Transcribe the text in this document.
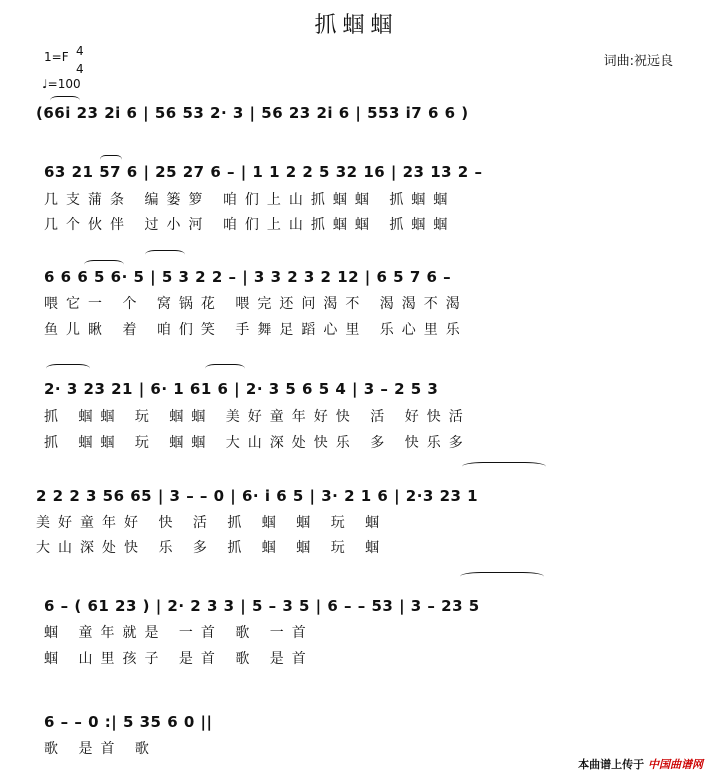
抓蝈蝈
1=F 4
4
♩=100
词曲:祝远良
(66i 23 2i 6 | 56 53 2· 3 | 56 23 2i 6 | 553 i7 6 6 )
63 21 57 6 | 25 27 6 – | 1 1 2 2 5 32 16 | 23 13 2 –
几支蒲条 编篓箩 咱们上山抓蝈蝈 抓蝈蝈
几个伙伴 过小河 咱们上山抓蝈蝈 抓蝈蝈
6 6 6 5 6· 5 | 5 3 2 2 – | 3 3 2 3 2 12 | 6 5 7 6 –
喂它一 个 窝锅花 喂完还问渴不 渴渴不渴
鱼儿瞅 着 咱们笑 手舞足蹈心里 乐心里乐
2· 3 23 21 | 6· 1 61 6 | 2· 3 5 6 5 4 | 3 – 2 5 3
抓 蝈蝈 玩 蝈蝈 美好童年好快 活 好快活
抓 蝈蝈 玩 蝈蝈 大山深处快乐 多 快乐多
2 2 2 3 56 65 | 3 – – 0 | 6· i 6 5 | 3· 2 1 6 | 2·3 23 1
美好童年好 快 活 抓 蝈 蝈 玩 蝈
大山深处快 乐 多 抓 蝈 蝈 玩 蝈
6 – ( 61 23 ) | 2· 2 3 3 | 5 – 3 5 | 6 – – 53 | 3 – 23 5
蝈 童年就是 一首 歌 一首
蝈 山里孩子 是首 歌 是首
6 – – 0 :| 5 35 6 0 ||
歌 是首 歌
本曲谱上传于 中国曲谱网
